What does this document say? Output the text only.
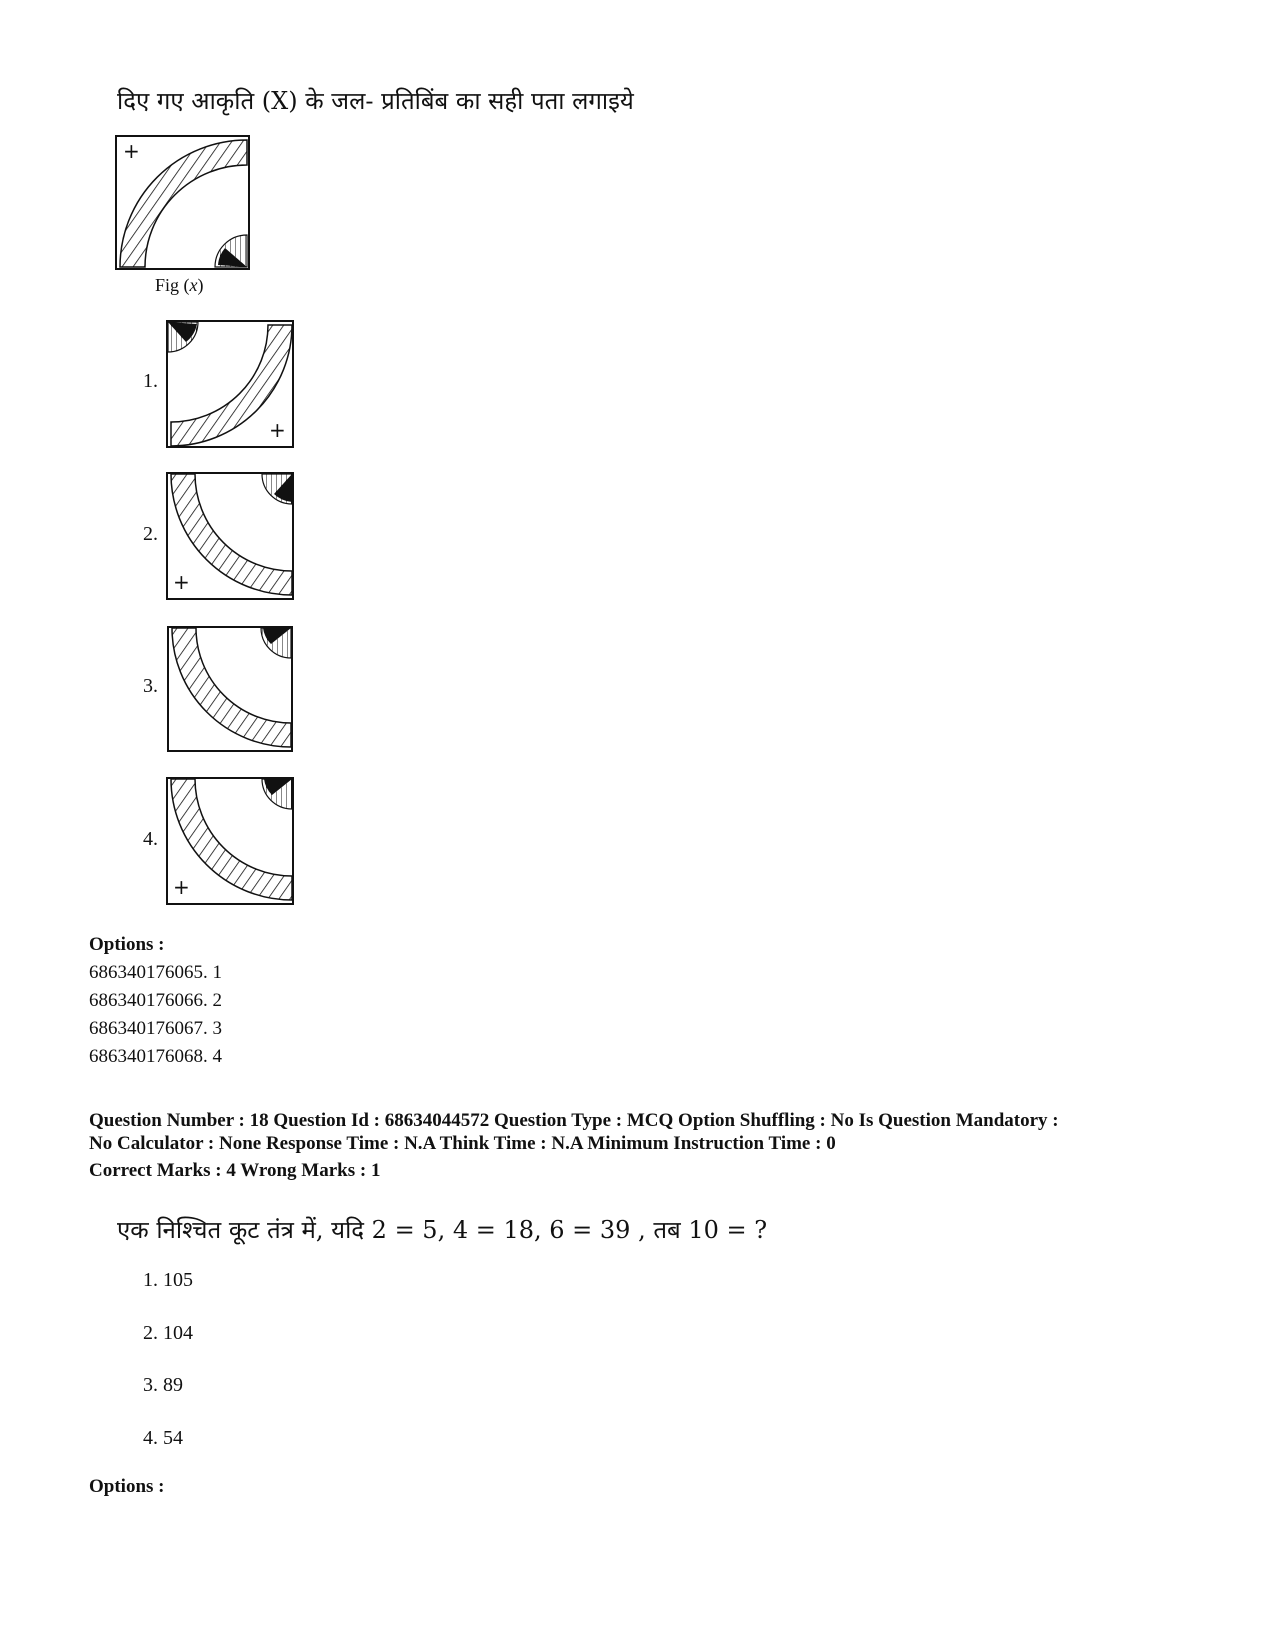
दिए गए आकृति (X) के जल- प्रतिबिंब का सही पता लगाइये
+
Fig (x)
1.
+
2.
+
3.
4.
+
Options :
686340176065. 1
686340176066. 2
686340176067. 3
686340176068. 4
Question Number : 18 Question Id : 68634044572 Question Type : MCQ Option Shuffling : No Is Question Mandatory :
No Calculator : None Response Time : N.A Think Time : N.A Minimum Instruction Time : 0
Correct Marks : 4 Wrong Marks : 1
एक निश्चित कूट तंत्र में, यदि 2 = 5, 4 = 18, 6 = 39 , तब 10 = ?
1. 105
2. 104
3. 89
4. 54
Options :
